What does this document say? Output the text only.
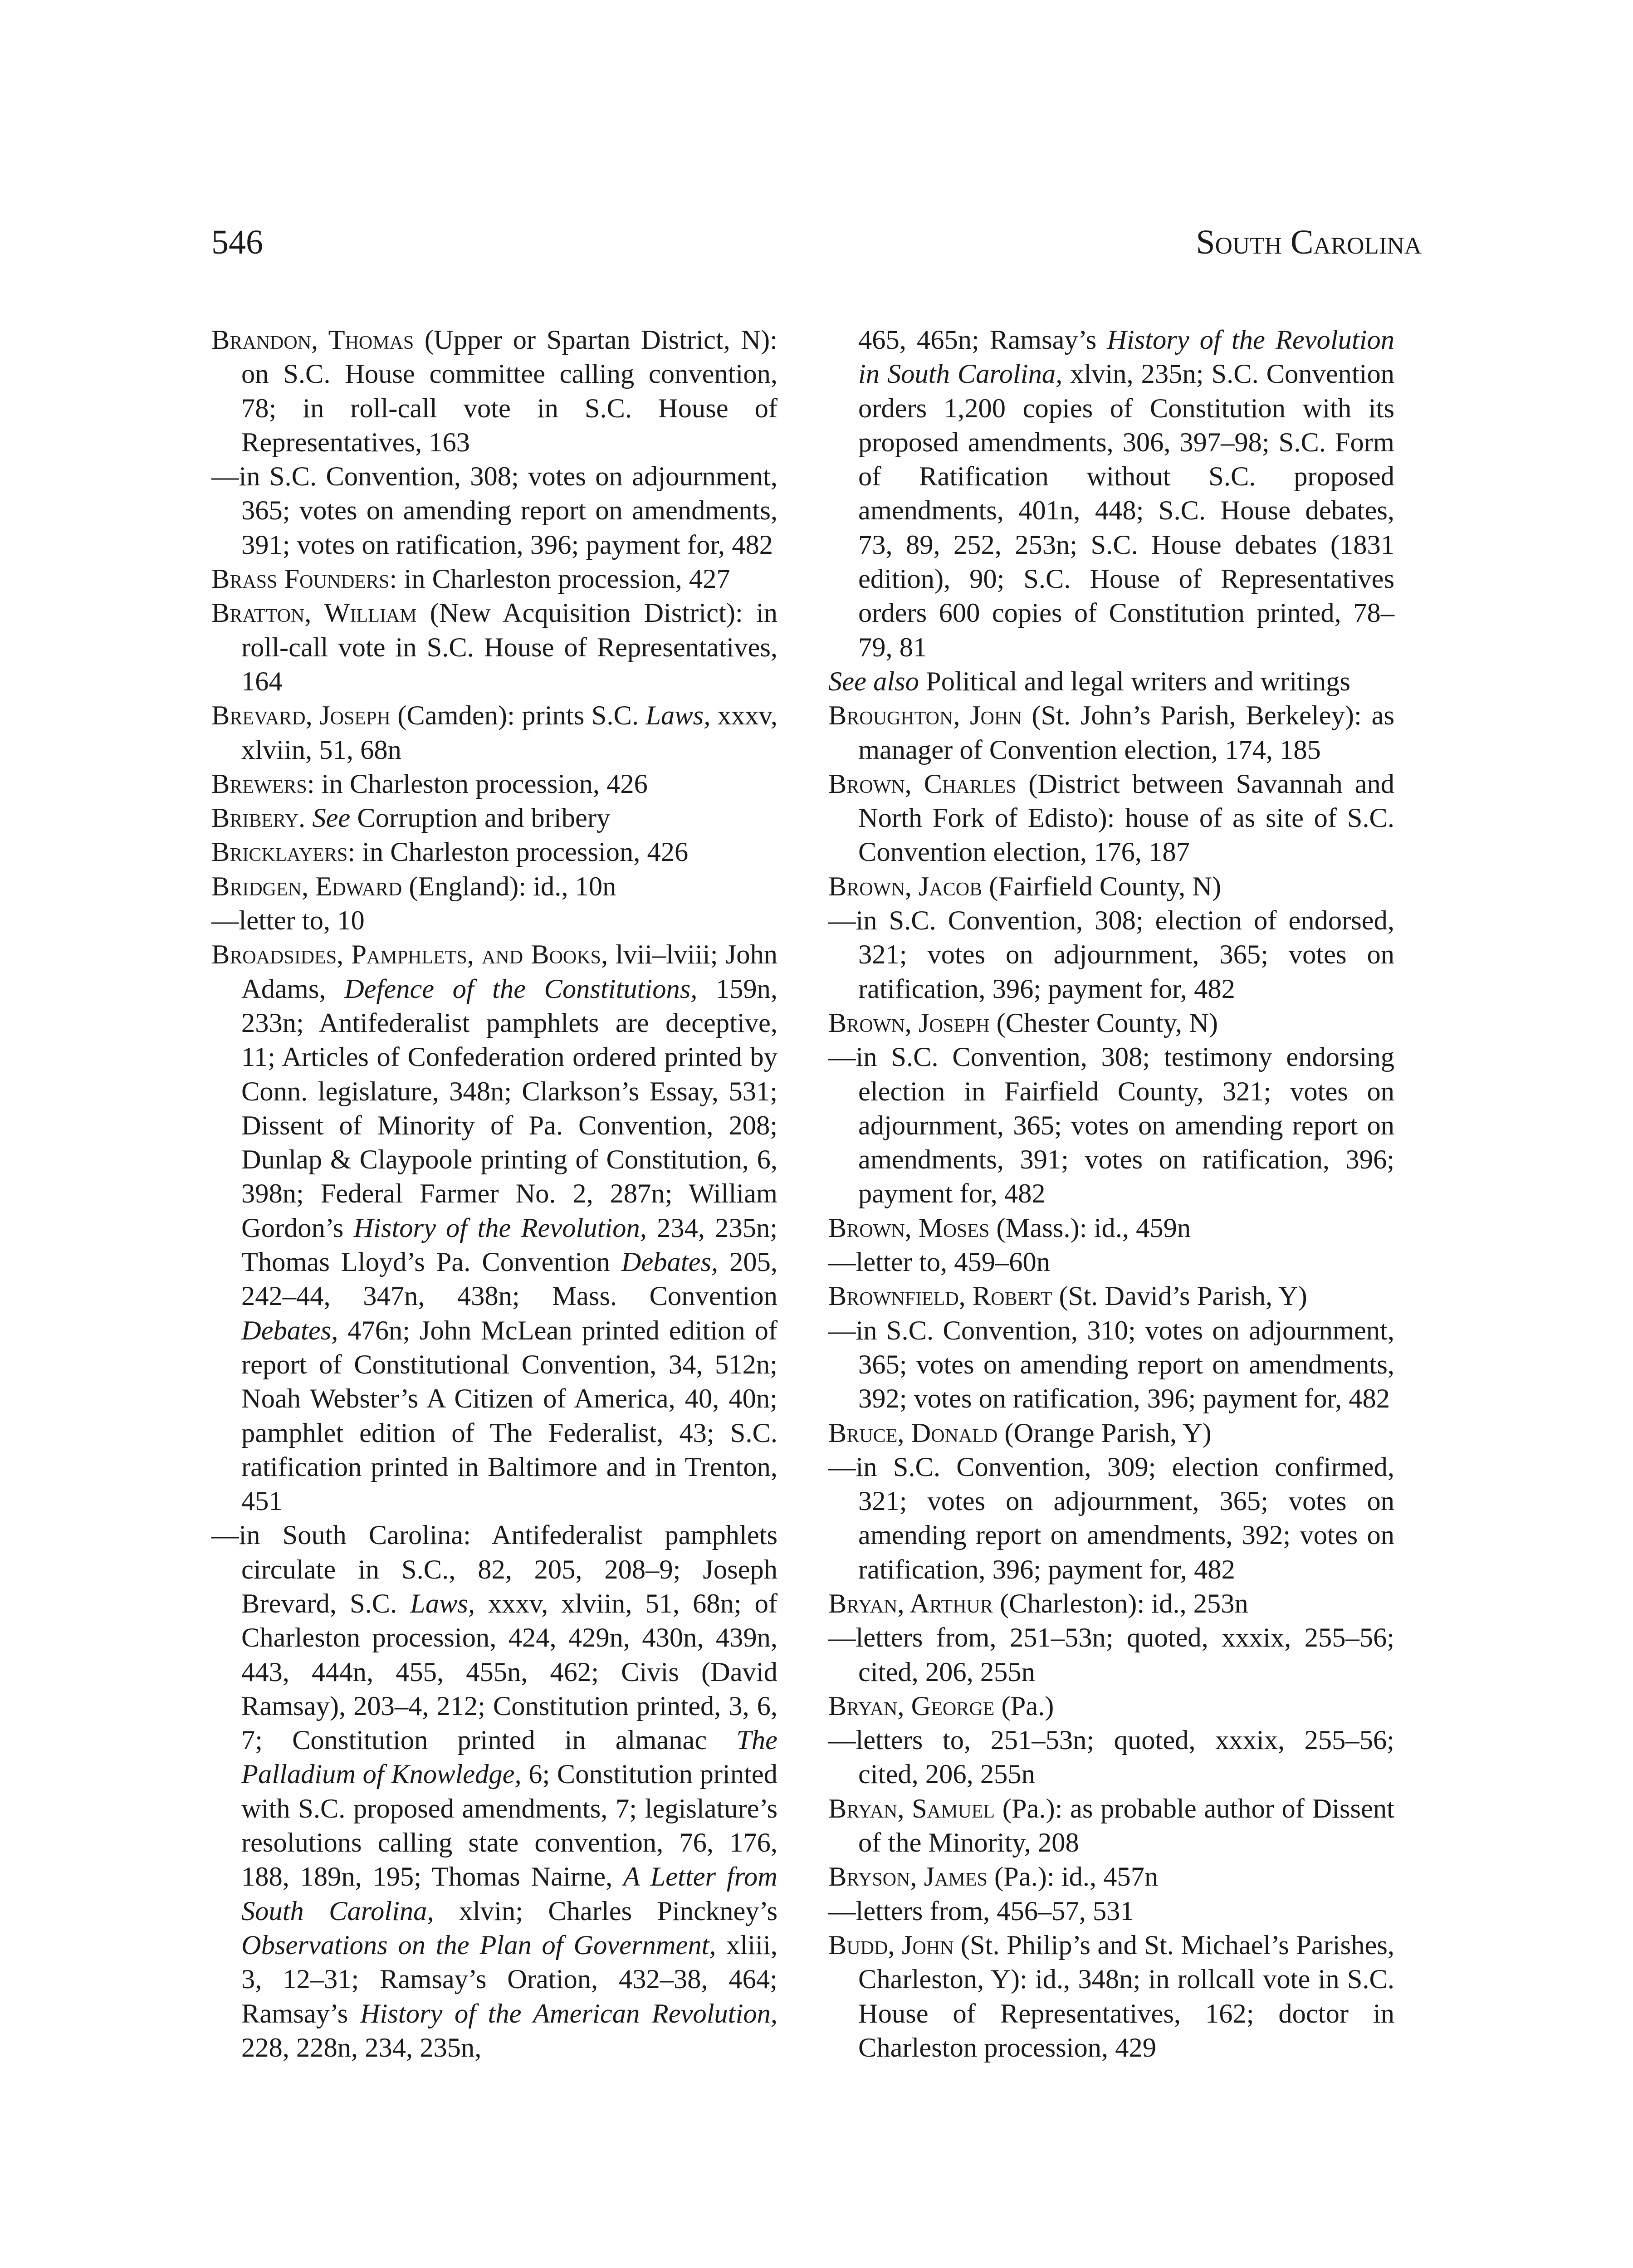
546	South Carolina
Brandon, Thomas (Upper or Spartan District, N): on S.C. House committee calling convention, 78; in roll-call vote in S.C. House of Representatives, 163
—in S.C. Convention, 308; votes on adjournment, 365; votes on amending report on amendments, 391; votes on ratification, 396; payment for, 482
Brass Founders: in Charleston procession, 427
Bratton, William (New Acquisition District): in roll-call vote in S.C. House of Representatives, 164
Brevard, Joseph (Camden): prints S.C. Laws, xxxv, xlviin, 51, 68n
Brewers: in Charleston procession, 426
Bribery. See Corruption and bribery
Bricklayers: in Charleston procession, 426
Bridgen, Edward (England): id., 10n
—letter to, 10
Broadsides, Pamphlets, and Books, lvii–lviii; John Adams, Defence of the Constitutions, 159n, 233n; Antifederalist pamphlets are deceptive, 11; Articles of Confederation ordered printed by Conn. legislature, 348n; Clarkson’s Essay, 531; Dissent of Minority of Pa. Convention, 208; Dunlap & Claypoole printing of Constitution, 6, 398n; Federal Farmer No. 2, 287n; William Gordon’s History of the Revolution, 234, 235n; Thomas Lloyd’s Pa. Convention Debates, 205, 242–44, 347n, 438n; Mass. Convention Debates, 476n; John McLean printed edition of report of Constitutional Convention, 34, 512n; Noah Webster’s A Citizen of America, 40, 40n; pamphlet edition of The Federalist, 43; S.C. ratification printed in Baltimore and in Trenton, 451
—in South Carolina: Antifederalist pamphlets circulate in S.C., 82, 205, 208–9; Joseph Brevard, S.C. Laws, xxxv, xlviin, 51, 68n; of Charleston procession, 424, 429n, 430n, 439n, 443, 444n, 455, 455n, 462; Civis (David Ramsay), 203–4, 212; Constitution printed, 3, 6, 7; Constitution printed in almanac The Palladium of Knowledge, 6; Constitution printed with S.C. proposed amendments, 7; legislature’s resolutions calling state convention, 76, 176, 188, 189n, 195; Thomas Nairne, A Letter from South Carolina, xlvin; Charles Pinckney’s Observations on the Plan of Government, xliii, 3, 12–31; Ramsay’s Oration, 432–38, 464; Ramsay’s History of the American Revolution, 228, 228n, 234, 235n,
465, 465n; Ramsay’s History of the Revolution in South Carolina, xlvin, 235n; S.C. Convention orders 1,200 copies of Constitution with its proposed amendments, 306, 397–98; S.C. Form of Ratification without S.C. proposed amendments, 401n, 448; S.C. House debates, 73, 89, 252, 253n; S.C. House debates (1831 edition), 90; S.C. House of Representatives orders 600 copies of Constitution printed, 78–79, 81
See also Political and legal writers and writings
Broughton, John (St. John’s Parish, Berkeley): as manager of Convention election, 174, 185
Brown, Charles (District between Savannah and North Fork of Edisto): house of as site of S.C. Convention election, 176, 187
Brown, Jacob (Fairfield County, N)
—in S.C. Convention, 308; election of endorsed, 321; votes on adjournment, 365; votes on ratification, 396; payment for, 482
Brown, Joseph (Chester County, N)
—in S.C. Convention, 308; testimony endorsing election in Fairfield County, 321; votes on adjournment, 365; votes on amending report on amendments, 391; votes on ratification, 396; payment for, 482
Brown, Moses (Mass.): id., 459n
—letter to, 459–60n
Brownfield, Robert (St. David’s Parish, Y)
—in S.C. Convention, 310; votes on adjournment, 365; votes on amending report on amendments, 392; votes on ratification, 396; payment for, 482
Bruce, Donald (Orange Parish, Y)
—in S.C. Convention, 309; election confirmed, 321; votes on adjournment, 365; votes on amending report on amendments, 392; votes on ratification, 396; payment for, 482
Bryan, Arthur (Charleston): id., 253n
—letters from, 251–53n; quoted, xxxix, 255–56; cited, 206, 255n
Bryan, George (Pa.)
—letters to, 251–53n; quoted, xxxix, 255–56; cited, 206, 255n
Bryan, Samuel (Pa.): as probable author of Dissent of the Minority, 208
Bryson, James (Pa.): id., 457n
—letters from, 456–57, 531
Budd, John (St. Philip’s and St. Michael’s Parishes, Charleston, Y): id., 348n; in rollcall vote in S.C. House of Representatives, 162; doctor in Charleston procession, 429
